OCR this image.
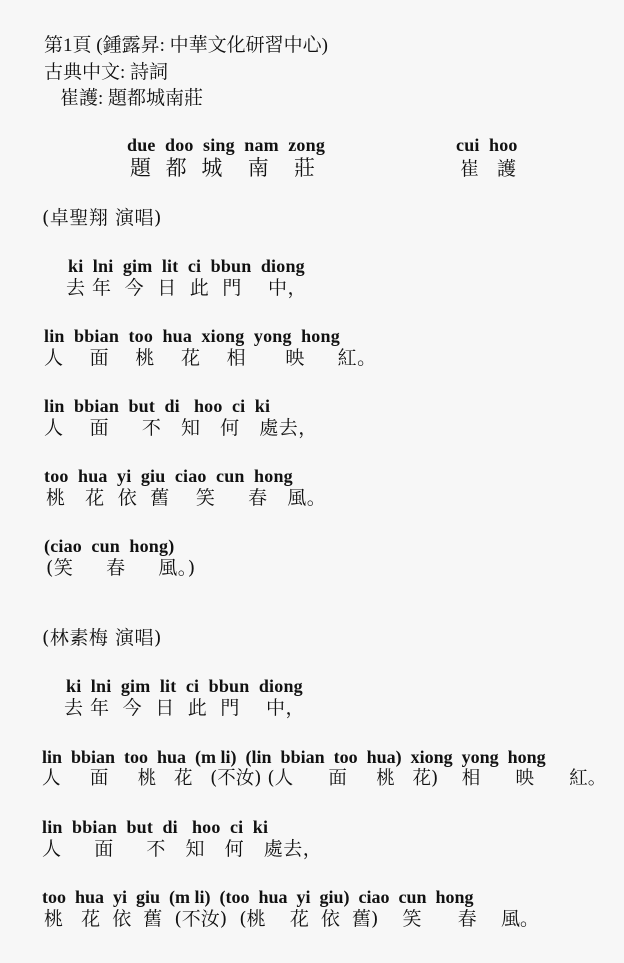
第1頁 (鍾露昇: 中華文化研習中心)
古典中文: 詩詞
崔護: 題都城南莊
due  doo  sing  nam  zong
題 都 城  南  莊
cui  hoo
崔 護
(卓聖翔 演唱)
ki  lni  gim  lit  ci  bbun  diong
去 年  今  日  此  門    中，
lin  bbian  too  hua  xiong  yong  hong
人    面    桃    花    相      映     紅。
lin  bbian  but  di   hoo  ci  ki
人    面     不   知   何   處去，
too  hua  yi  giu  ciao  cun  hong
桃   花  依  舊    笑     春   風。
(ciao  cun  hong)
(笑     春     風。)
(林素梅 演唱)
ki  lni  gim  lit  ci  bbun  diong
去 年  今  日  此  門    中，
lin  bbian  too  hua  (m li)  (lin  bbian  too  hua)  xiong  yong  hong
人     面     桃   花   (不汝) (人      面     桃   花)    相      映      紅。
lin  bbian  but  di   hoo  ci  ki
人     面     不   知   何   處去，
too  hua  yi  giu  (m li)  (too  hua  yi  giu)  ciao  cun  hong
桃   花  依  舊  (不汝)  (桃    花  依  舊)    笑      春    風。
